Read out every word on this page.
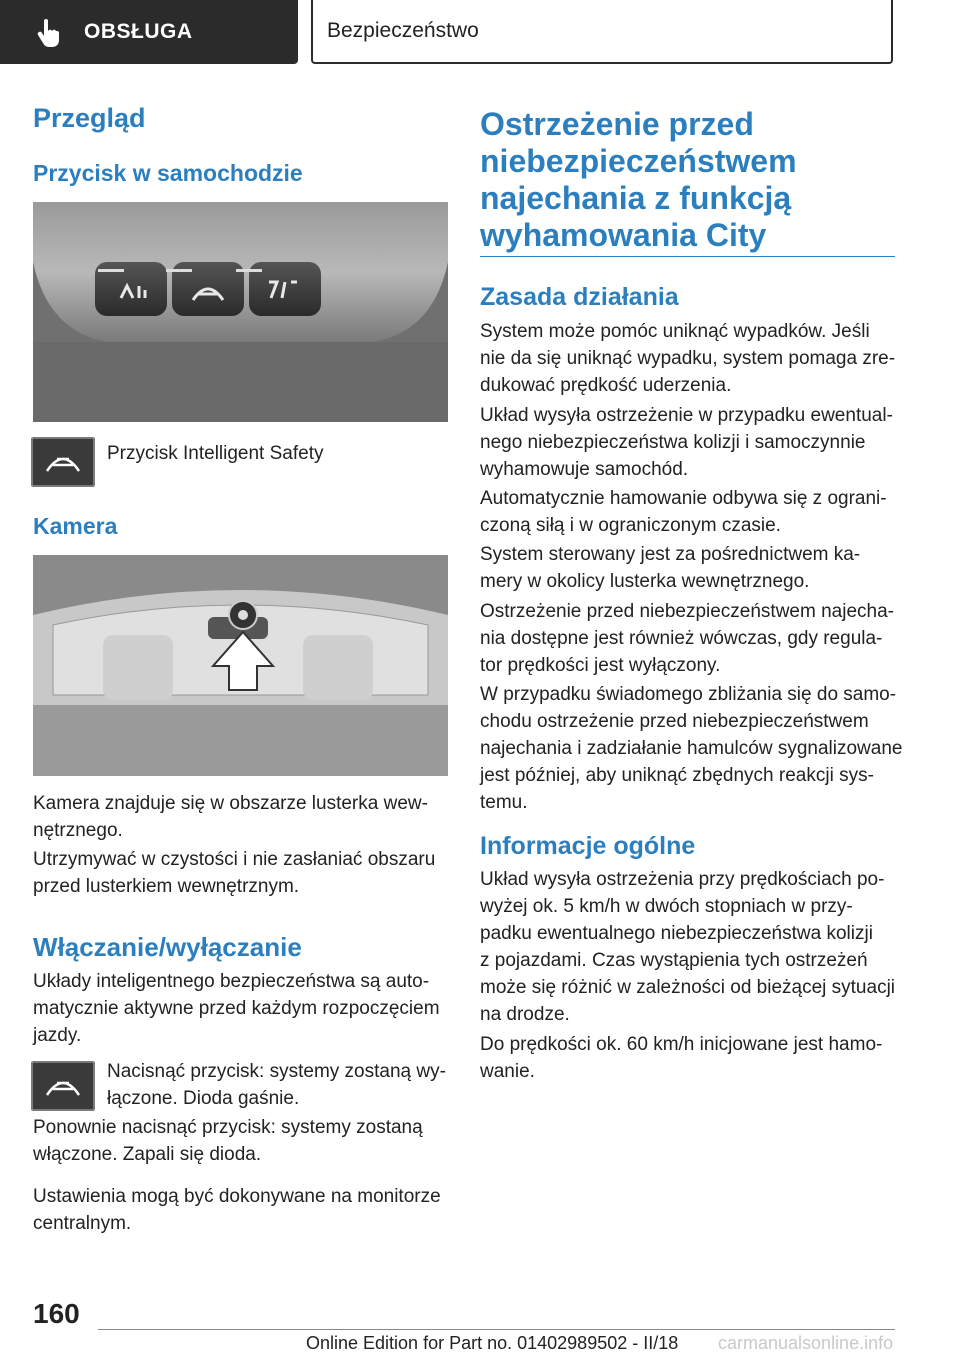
OBSŁUGA	Bezpieczeństwo
Przegląd
Przycisk w samochodzie
Przycisk Intelligent Safety
Kamera
Kamera znajduje się w obszarze lusterka wew-
nętrznego.
Utrzymywać w czystości i nie zasłaniać obszaru
przed lusterkiem wewnętrznym.
Włączanie/wyłączanie
Układy inteligentnego bezpieczeństwa są auto-
matycznie aktywne przed każdym rozpoczęciem
jazdy.
Nacisnąć przycisk: systemy zostaną wy-
łączone. Dioda gaśnie.
Ponownie nacisnąć przycisk: systemy zostaną
włączone. Zapali się dioda.
Ustawienia mogą być dokonywane na monitorze
centralnym.
Ostrzeżenie przed
niebezpieczeństwem
najechania z funkcją
wyhamowania City
Zasada działania
System może pomóc uniknąć wypadków. Jeśli
nie da się uniknąć wypadku, system pomaga zre-
dukować prędkość uderzenia.
Układ wysyła ostrzeżenie w przypadku ewentual-
nego niebezpieczeństwa kolizji i samoczynnie
wyhamowuje samochód.
Automatycznie hamowanie odbywa się z ograni-
czoną siłą i w ograniczonym czasie.
System sterowany jest za pośrednictwem ka-
mery w okolicy lusterka wewnętrznego.
Ostrzeżenie przed niebezpieczeństwem najecha-
nia dostępne jest również wówczas, gdy regula-
tor prędkości jest wyłączony.
W przypadku świadomego zbliżania się do samo-
chodu ostrzeżenie przed niebezpieczeństwem
najechania i zadziałanie hamulców sygnalizowane
jest później, aby uniknąć zbędnych reakcji sys-
temu.
Informacje ogólne
Układ wysyła ostrzeżenia przy prędkościach po-
wyżej ok. 5 km/h w dwóch stopniach w przy-
padku ewentualnego niebezpieczeństwa kolizji
z pojazdami. Czas wystąpienia tych ostrzeżeń
może się różnić w zależności od bieżącej sytuacji
na drodze.
Do prędkości ok. 60 km/h inicjowane jest hamo-
wanie.
160
Online Edition for Part no. 01402989502 - II/18 carmanualsonline.info
